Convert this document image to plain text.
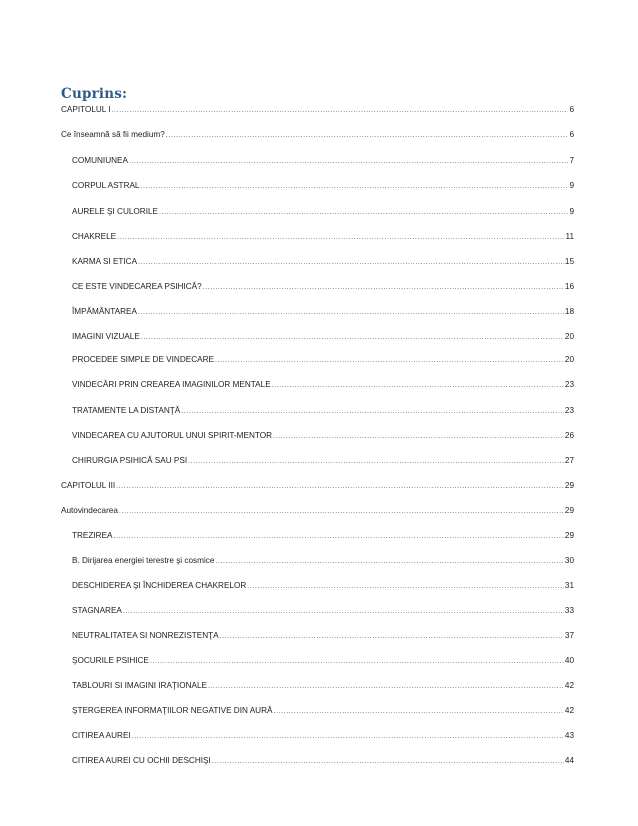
Cuprins:
CAPITOLUL I .....	6
Ce înseamnă să fii medium? .....	6
COMUNIUNEA .....	7
CORPUL ASTRAL .....	9
AURELE ŞI CULORILE .....	9
CHAKRELE .....	11
KARMA SI ETICA .....	15
CE ESTE VINDECAREA PSIHICĂ? .....	16
ÎMPĂMÂNTAREA .....	18
IMAGINI VIZUALE .....	20
PROCEDEE SIMPLE DE VINDECARE .....	20
VINDECĂRI PRIN CREAREA IMAGINILOR MENTALE .....	23
TRATAMENTE LA DISTANŢĂ .....	23
VINDECAREA CU AJUTORUL UNUI SPIRIT-MENTOR .....	26
CHIRURGIA PSIHICĂ SAU PSI .....	27
CAPITOLUL III .....	29
Autovindecarea .....	29
TREZIREA .....	29
B. Dirijarea energiei terestre şi cosmice .....	30
DESCHIDEREA ŞI ÎNCHIDEREA CHAKRELOR .....	31
STAGNAREA .....	33
NEUTRALITATEA SI NONREZISTENŢA .....	37
ŞOCURILE PSIHICE .....	40
TABLOURI SI IMAGINI IRAŢIONALE .....	42
ŞTERGEREA INFORMAŢIILOR NEGATIVE DIN AURĂ .....	42
CITIREA AUREI .....	43
CITIREA AUREI CU OCHII DESCHIŞI .....	44
